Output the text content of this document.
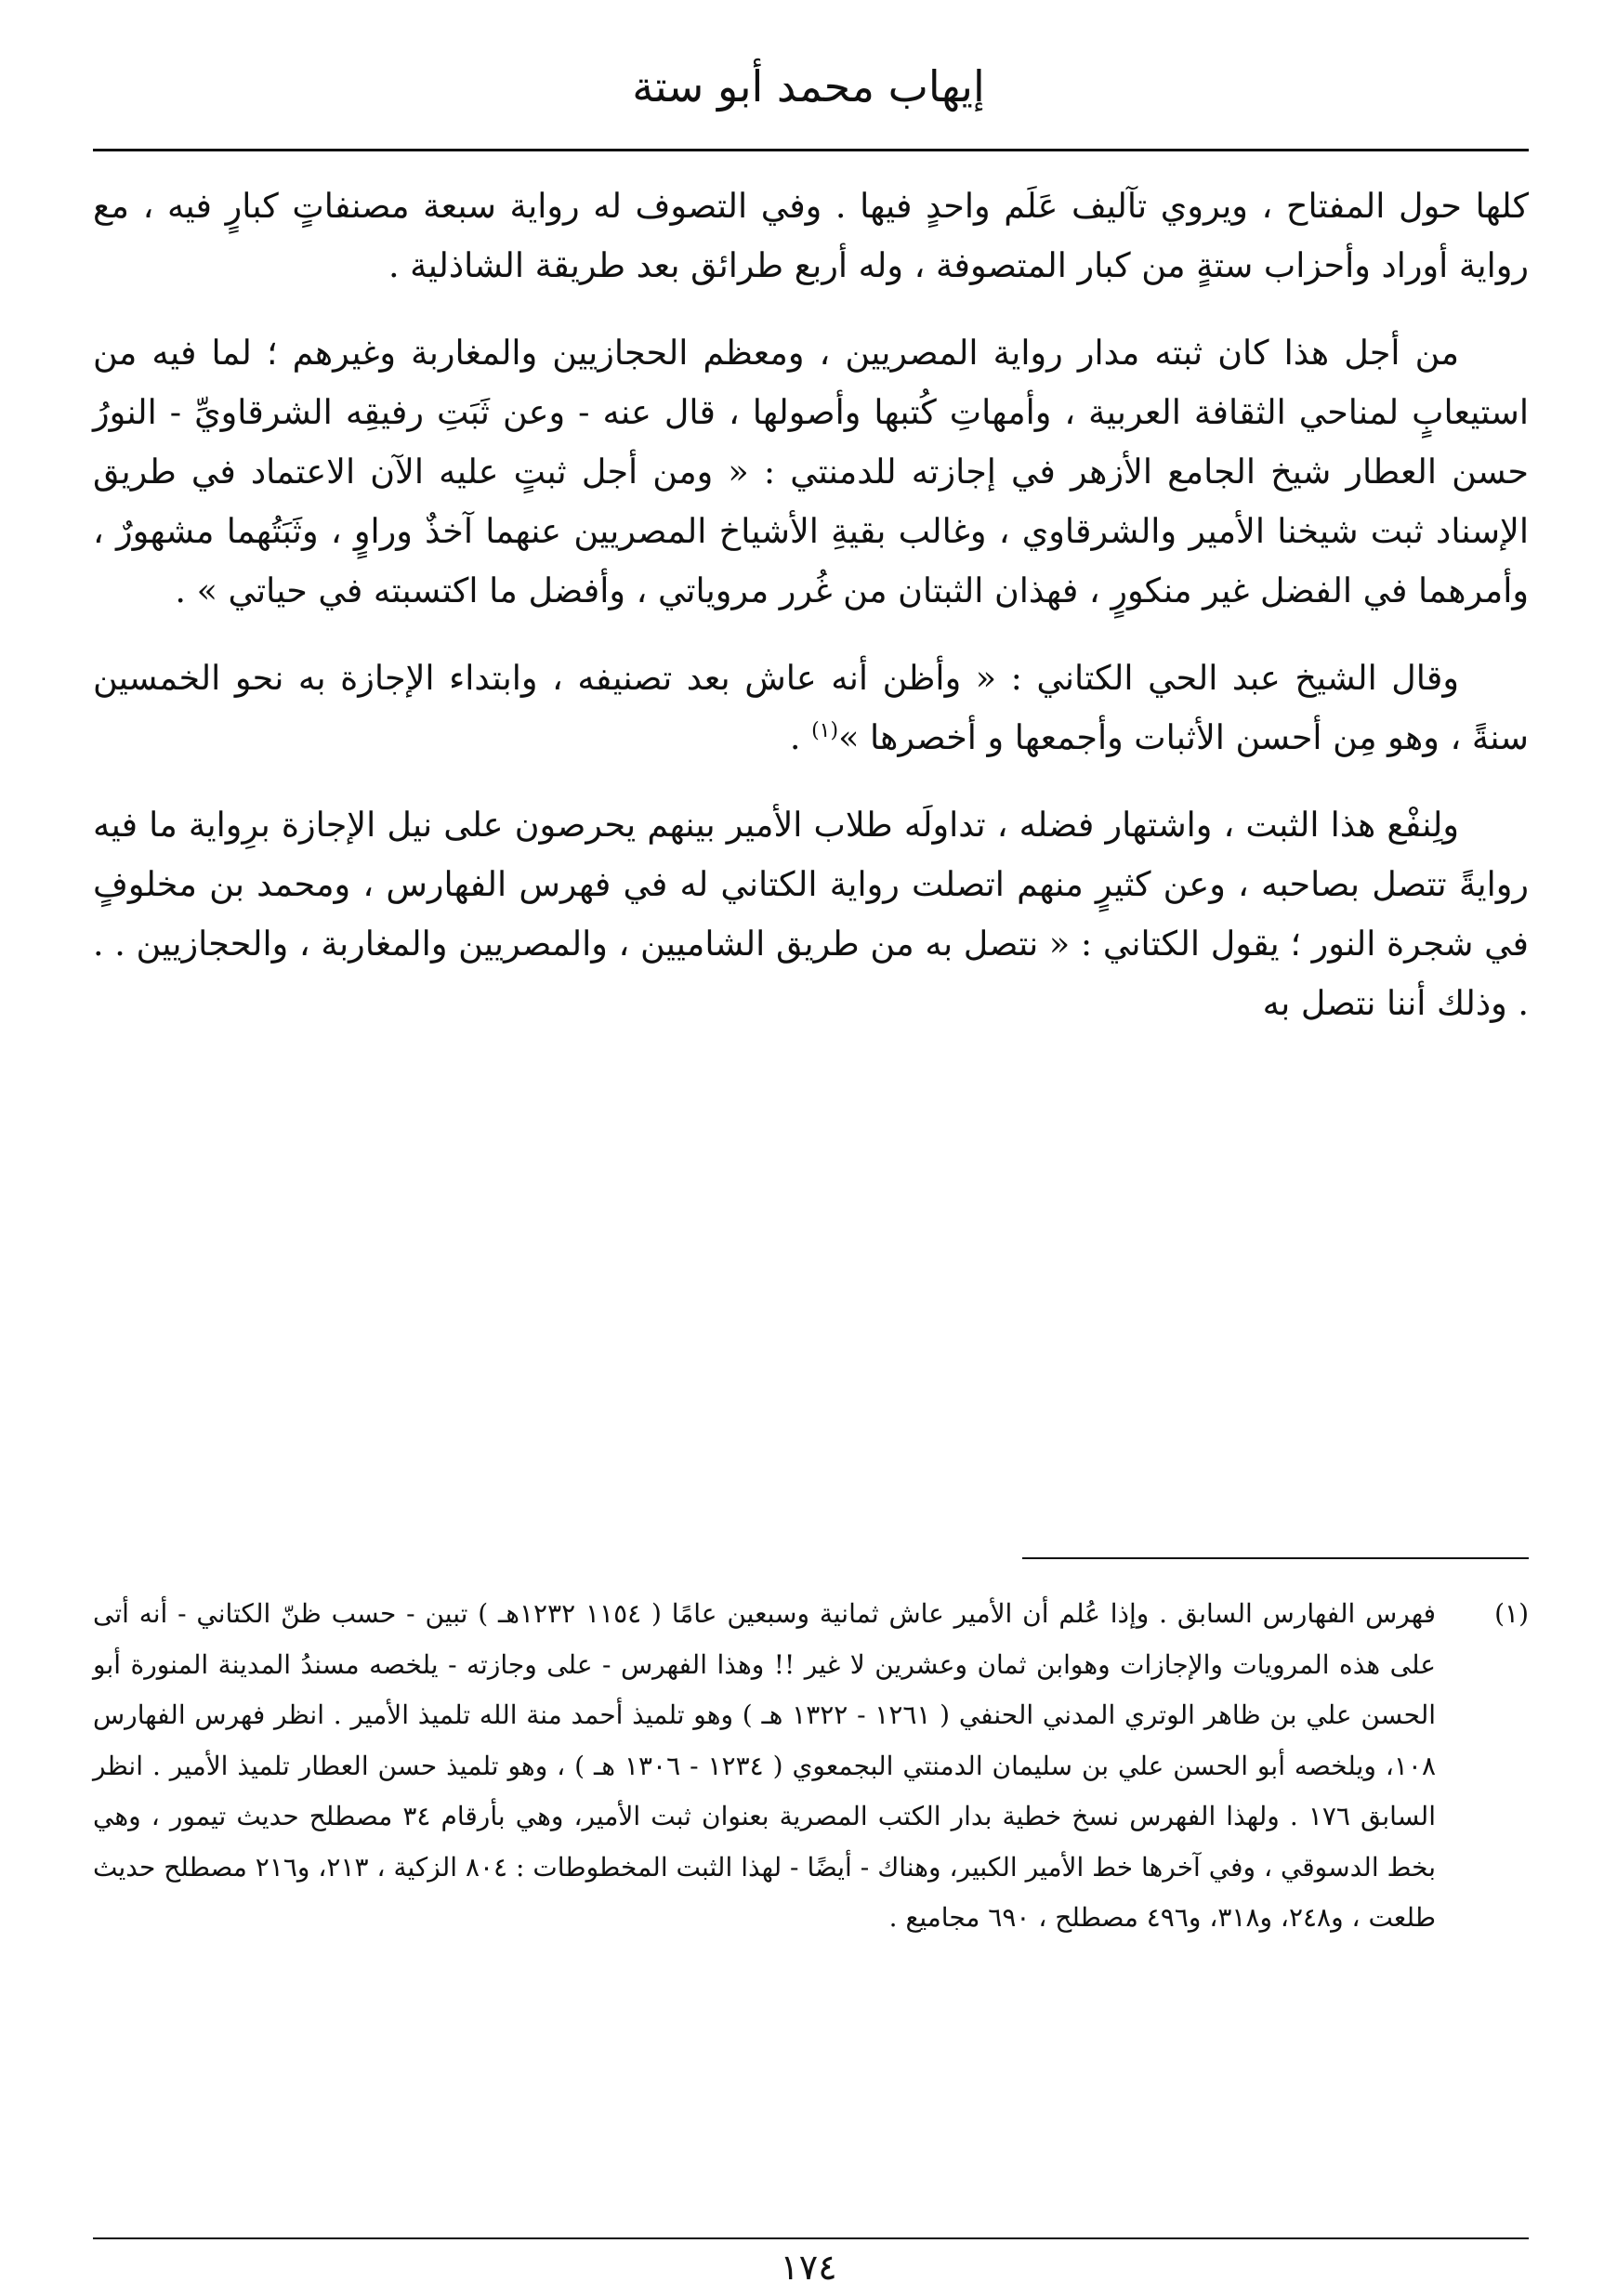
إيهاب محمد أبو ستة

كلها حول المفتاح ، ويروي تآليف عَلَم واحدٍ فيها . وفي التصوف له رواية سبعة مصنفاتٍ كبارٍ فيه ، مع رواية أوراد وأحزاب ستةٍ من كبار المتصوفة ، وله أربع طرائق بعد طريقة الشاذلية .

من أجل هذا كان ثبته مدار رواية المصريين ، ومعظم الحجازيين والمغاربة وغيرهم ؛ لما فيه من استيعابٍ لمناحي الثقافة العربية ، وأمهاتِ كُتبها وأصولها ، قال عنه - وعن ثَبَتِ رفيقِه الشرقاويِّ - النورُ حسن العطار شيخ الجامع الأزهر في إجازته للدمنتي : « ومن أجل ثبتٍ عليه الآن الاعتماد في طريق الإسناد ثبت شيخنا الأمير والشرقاوي ، وغالب بقيةِ الأشياخ المصريين عنهما آخذٌ وراوٍ ، وثَبَتُهما مشهورٌ ، وأمرهما في الفضل غير منكورٍ ، فهذان الثبتان من غُرر مروياتي ، وأفضل ما اكتسبته في حياتي » .

وقال الشيخ عبد الحي الكتاني : « وأظن أنه عاش بعد تصنيفه ، وابتداء الإجازة به نحو الخمسين سنةً ، وهو مِن أحسن الأثبات وأجمعها و أخصرها »$^{(١)}$ .

ولِنفْع هذا الثبت ، واشتهار فضله ، تداولَه طلاب الأمير بينهم يحرصون على نيل الإجازة برِواية ما فيه روايةً تتصل بصاحبه ، وعن كثيرٍ منهم اتصلت رواية الكتاني له في فهرس الفهارس ، ومحمد بن مخلوفٍ في شجرة النور ؛ يقول الكتاني : « نتصل به من طريق الشاميين ، والمصريين والمغاربة ، والحجازيين . . . وذلك أننا نتصل به

(١)
فهرس الفهارس السابق . وإذا عُلم أن الأمير عاش ثمانية وسبعين عامًا ( ١١٥٤ ١٢٣٢هـ ) تبين - حسب ظنّ الكتاني - أنه أتى على هذه المرويات والإجازات وهوابن ثمان وعشرين لا غير !! وهذا الفهرس - على وجازته - يلخصه مسندُ المدينة المنورة أبو الحسن علي بن ظاهر الوتري المدني الحنفي ( ١٢٦١ - ١٣٢٢ هـ ) وهو تلميذ أحمد منة الله تلميذ الأمير . انظر فهرس الفهارس ١٠٨، ويلخصه أبو الحسن علي بن سليمان الدمنتي البجمعوي ( ١٢٣٤ - ١٣٠٦ هـ ) ، وهو تلميذ حسن العطار تلميذ الأمير . انظر السابق ١٧٦ . ولهذا الفهرس نسخ خطية بدار الكتب المصرية بعنوان ثبت الأمير، وهي بأرقام ٣٤ مصطلح حديث تيمور ، وهي بخط الدسوقي ، وفي آخرها خط الأمير الكبير، وهناك - أيضًا - لهذا الثبت المخطوطات : ٨٠٤ الزكية ، ٢١٣، و٢١٦ مصطلح حديث طلعت ، و٢٤٨، و٣١٨، و٤٩٦ مصطلح ، ٦٩٠ مجاميع .
١٧٤
